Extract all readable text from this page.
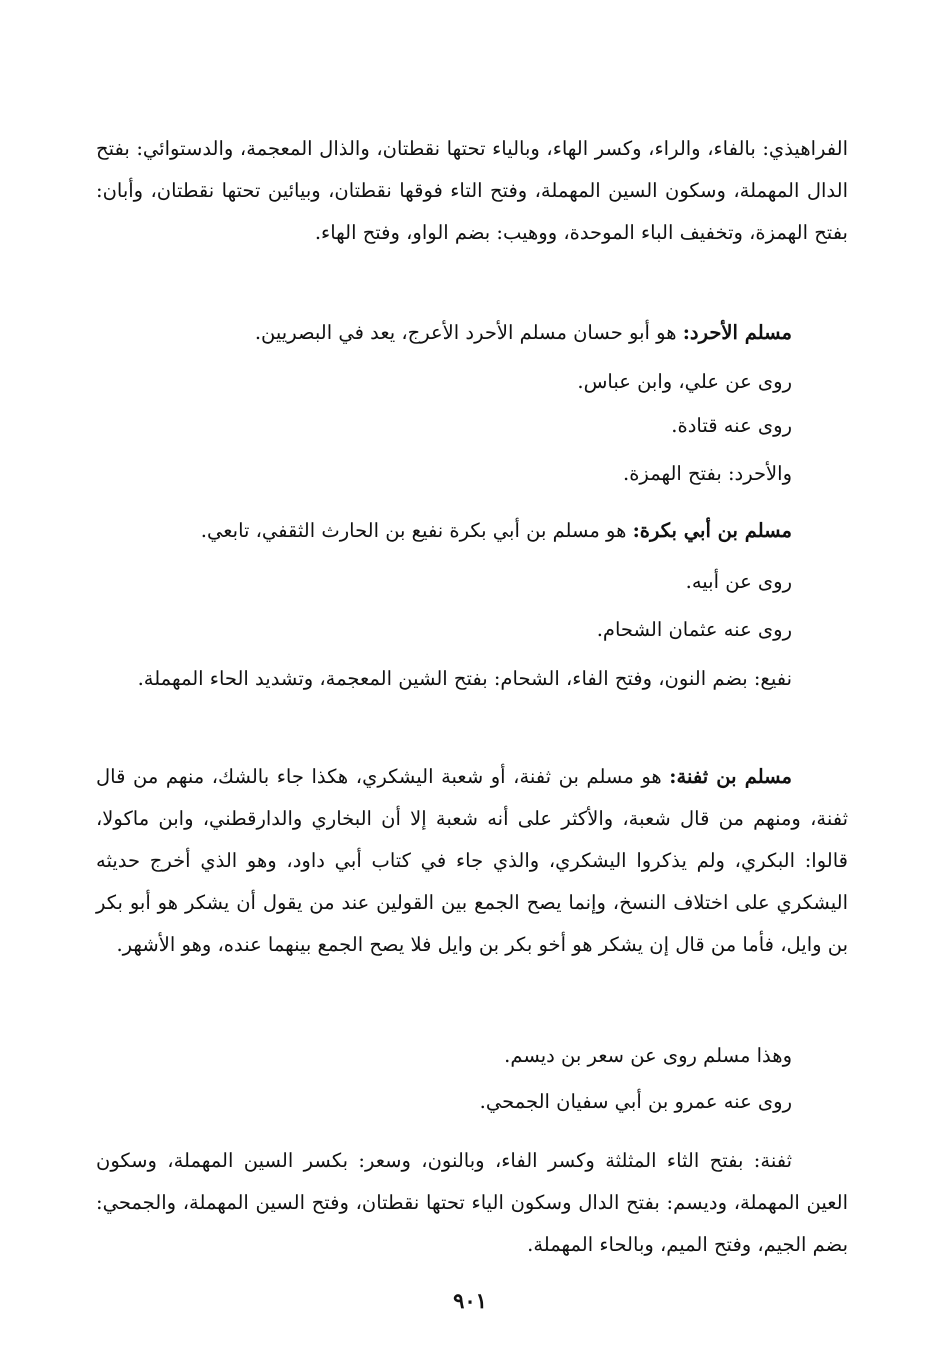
الفراهيذي: بالفاء، والراء، وكسر الهاء، وبالياء تحتها نقطتان، والذال المعجمة، والدستوائي: بفتح الدال المهملة، وسكون السين المهملة، وفتح التاء فوقها نقطتان، وبيائين تحتها نقطتان، وأبان: بفتح الهمزة، وتخفيف الباء الموحدة، ووهيب: بضم الواو، وفتح الهاء.

مسلم الأحرد: هو أبو حسان مسلم الأحرد الأعرج، يعد في البصريين.

روى عن علي، وابن عباس.

روى عنه قتادة.

والأحرد: بفتح الهمزة.

مسلم بن أبي بكرة: هو مسلم بن أبي بكرة نفيع بن الحارث الثقفي، تابعي.

روى عن أبيه.

روى عنه عثمان الشحام.

نفيع: بضم النون، وفتح الفاء، الشحام: بفتح الشين المعجمة، وتشديد الحاء المهملة.

مسلم بن ثفنة: هو مسلم بن ثفنة، أو شعبة اليشكري، هكذا جاء بالشك، منهم من قال ثفنة، ومنهم من قال شعبة، والأكثر على أنه شعبة إلا أن البخاري والدارقطني، وابن ماكولا، قالوا: البكري، ولم يذكروا اليشكري، والذي جاء في كتاب أبي داود، وهو الذي أخرج حديثه اليشكري على اختلاف النسخ، وإنما يصح الجمع بين القولين عند من يقول أن يشكر هو أبو بكر بن وايل، فأما من قال إن يشكر هو أخو بكر بن وايل فلا يصح الجمع بينهما عنده، وهو الأشهر.

وهذا مسلم روى عن سعر بن ديسم.

روى عنه عمرو بن أبي سفيان الجمحي.

ثفنة: بفتح الثاء المثلثة وكسر الفاء، وبالنون، وسعر: بكسر السين المهملة، وسكون العين المهملة، وديسم: بفتح الدال وسكون الياء تحتها نقطتان، وفتح السين المهملة، والجمحي: بضم الجيم، وفتح الميم، وبالحاء المهملة.

٩٠١
